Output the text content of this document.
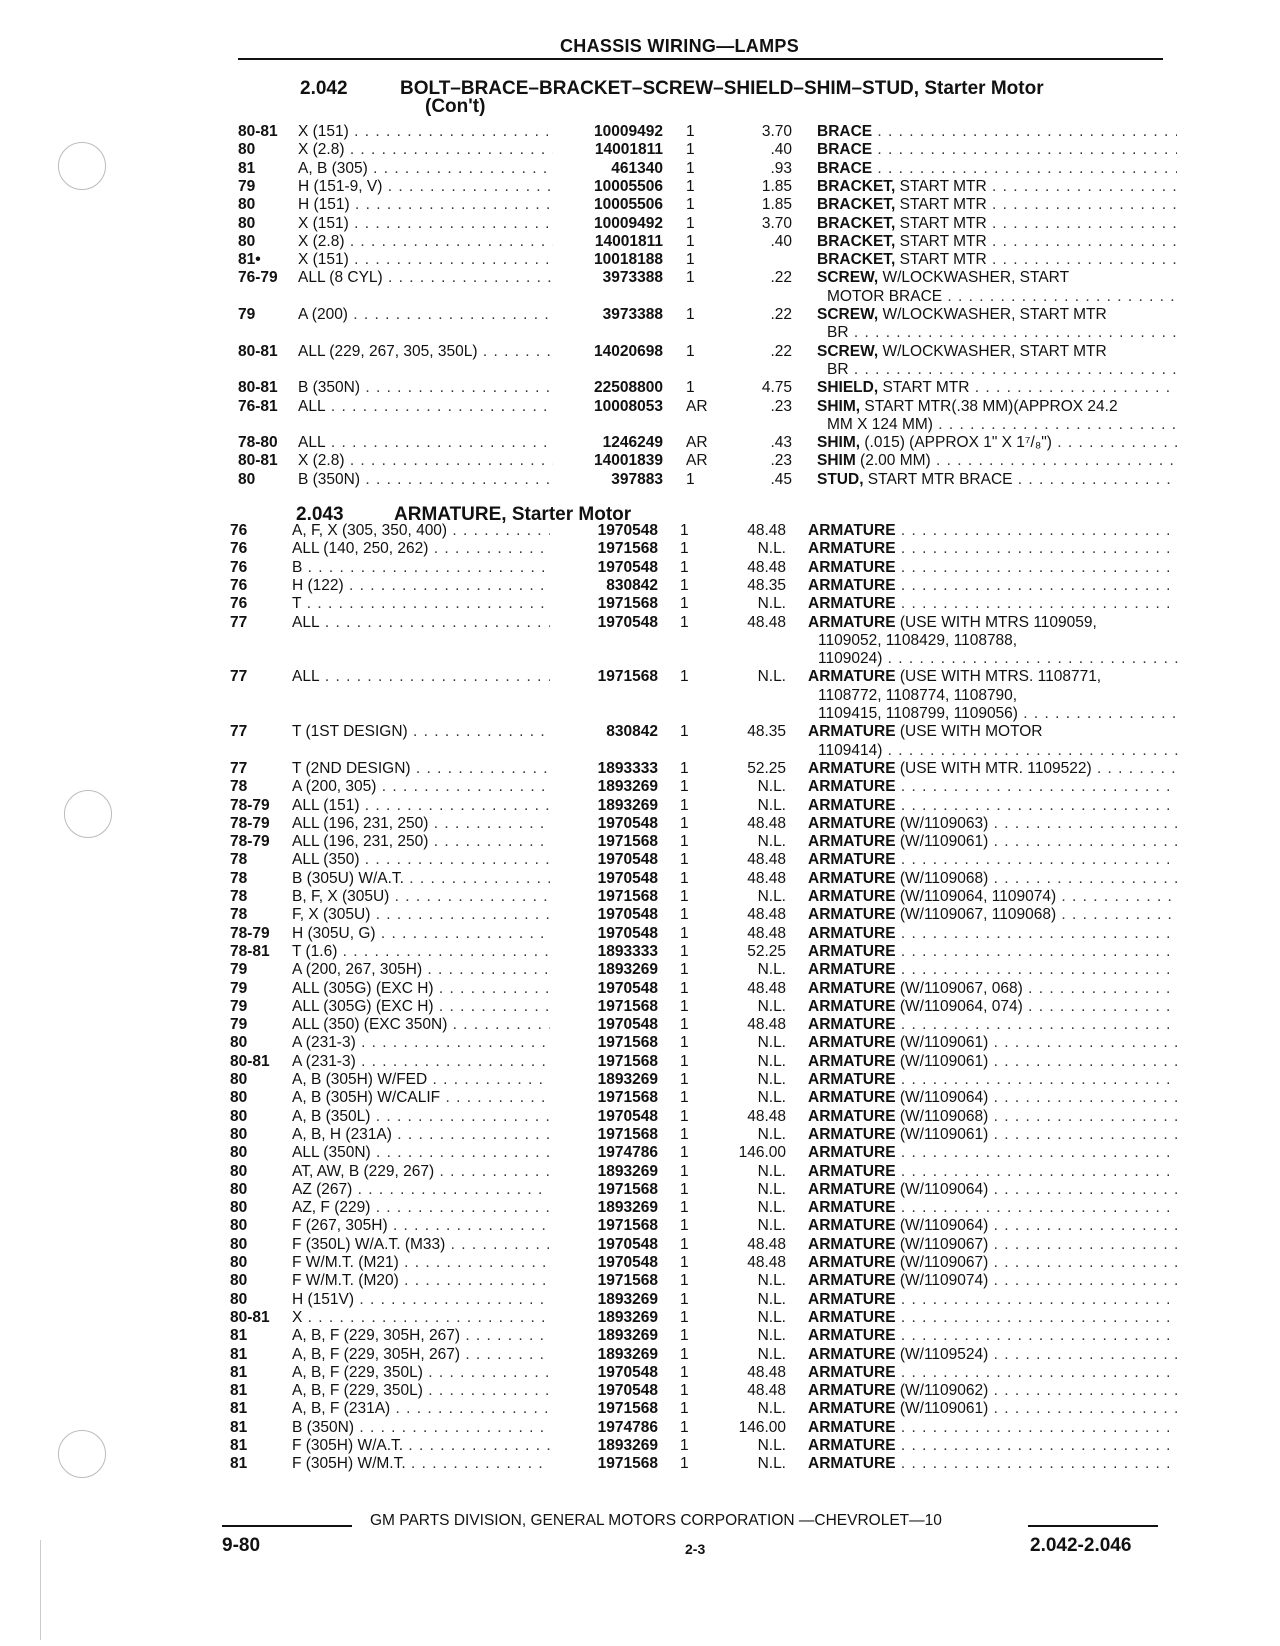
CHASSIS WIRING—LAMPS
2.042	BOLT–BRACE–BRACKET–SCREW–SHIELD–SHIM–STUD, Starter Motor
(Con't)
2.043	ARMATURE, Starter Motor
80-81	X (151) . . .	10009492 1	3.70 BRACE . . .
80	X (2.8) . . .	14001811 1	.40 BRACE . . .
81	A, B (305) . . .	461340 1	.93 BRACE . . .
79	H (151-9, V) . . .	10005506 1	1.85 BRACKET, START MTR . . .
80	H (151) . . .	10005506 1	1.85 BRACKET, START MTR . . .
80	X (151) . . .	10009492 1	3.70 BRACKET, START MTR . . .
80	X (2.8) . . .	14001811 1	.40 BRACKET, START MTR . . .
81•	X (151) . . .	10018188 1	BRACKET, START MTR . . .
76-79	ALL (8 CYL) . . .	3973388 1	.22 SCREW, W/LOCKWASHER, START
MOTOR BRACE . . .
79	A (200) . . .	3973388 1	.22 SCREW, W/LOCKWASHER, START MTR
BR . . .
80-81	ALL (229, 267, 305, 350L) . . .	14020698 1	.22 SCREW, W/LOCKWASHER, START MTR
BR . . .
80-81	B (350N) . . .	22508800 1	4.75 SHIELD, START MTR . . .
76-81	ALL . . .	10008053 AR	.23 SHIM, START MTR(.38 MM)(APPROX 24.2
MM X 124 MM) . . .
78-80	ALL . . .	1246249 AR	.43 SHIM, (.015) (APPROX 1" X 1⁷/₈") . . .
80-81	X (2.8) . . .	14001839 AR	.23 SHIM (2.00 MM) . . .
80	B (350N) . . .	397883 1	.45 STUD, START MTR BRACE . . .
76	A, F, X (305, 350, 400) . . .	1970548 1	48.48 ARMATURE . . .
76	ALL (140, 250, 262) . . .	1971568 1	N.L. ARMATURE . . .
76	B . . .	1970548 1	48.48 ARMATURE . . .
76	H (122) . . .	830842 1	48.35 ARMATURE . . .
76	T . . .	1971568 1	N.L. ARMATURE . . .
77	ALL . . .	1970548 1	48.48 ARMATURE (USE WITH MTRS 1109059,
1109052, 1108429, 1108788,
1109024) . . .
77	ALL . . .	1971568 1	N.L. ARMATURE (USE WITH MTRS. 1108771,
1108772, 1108774, 1108790,
1109415, 1108799, 1109056) . . .
77	T (1ST DESIGN) . . .	830842 1	48.35 ARMATURE (USE WITH MOTOR
1109414) . . .
77	T (2ND DESIGN) . . .	1893333 1	52.25 ARMATURE (USE WITH MTR. 1109522) . . .
78	A (200, 305) . . .	1893269 1	N.L. ARMATURE . . .
78-79	ALL (151) . . .	1893269 1	N.L. ARMATURE . . .
78-79	ALL (196, 231, 250) . . .	1970548 1	48.48 ARMATURE (W/1109063) . . .
78-79	ALL (196, 231, 250) . . .	1971568 1	N.L. ARMATURE (W/1109061) . . .
78	ALL (350) . . .	1970548 1	48.48 ARMATURE . . .
78	B (305U) W/A.T. . . .	1970548 1	48.48 ARMATURE (W/1109068) . . .
78	B, F, X (305U) . . .	1971568 1	N.L. ARMATURE (W/1109064, 1109074) . . .
78	F, X (305U) . . .	1970548 1	48.48 ARMATURE (W/1109067, 1109068) . . .
78-79	H (305U, G) . . .	1970548 1	48.48 ARMATURE . . .
78-81	T (1.6) . . .	1893333 1	52.25 ARMATURE . . .
79	A (200, 267, 305H) . . .	1893269 1	N.L. ARMATURE . . .
79	ALL (305G) (EXC H) . . .	1970548 1	48.48 ARMATURE (W/1109067, 068) . . .
79	ALL (305G) (EXC H) . . .	1971568 1	N.L. ARMATURE (W/1109064, 074) . . .
79	ALL (350) (EXC 350N) . . .	1970548 1	48.48 ARMATURE . . .
80	A (231-3) . . .	1971568 1	N.L. ARMATURE (W/1109061) . . .
80-81	A (231-3) . . .	1971568 1	N.L. ARMATURE (W/1109061) . . .
80	A, B (305H) W/FED . . .	1893269 1	N.L. ARMATURE . . .
80	A, B (305H) W/CALIF . . .	1971568 1	N.L. ARMATURE (W/1109064) . . .
80	A, B (350L) . . .	1970548 1	48.48 ARMATURE (W/1109068) . . .
80	A, B, H (231A) . . .	1971568 1	N.L. ARMATURE (W/1109061) . . .
80	ALL (350N) . . .	1974786 1	146.00 ARMATURE . . .
80	AT, AW, B (229, 267) . . .	1893269 1	N.L. ARMATURE . . .
80	AZ (267) . . .	1971568 1	N.L. ARMATURE (W/1109064) . . .
80	AZ, F (229) . . .	1893269 1	N.L. ARMATURE . . .
80	F (267, 305H) . . .	1971568 1	N.L. ARMATURE (W/1109064) . . .
80	F (350L) W/A.T. (M33) . . .	1970548 1	48.48 ARMATURE (W/1109067) . . .
80	F W/M.T. (M21) . . .	1970548 1	48.48 ARMATURE (W/1109067) . . .
80	F W/M.T. (M20) . . .	1971568 1	N.L. ARMATURE (W/1109074) . . .
80	H (151V) . . .	1893269 1	N.L. ARMATURE . . .
80-81	X . . .	1893269 1	N.L. ARMATURE . . .
81	A, B, F (229, 305H, 267) . . .	1893269 1	N.L. ARMATURE . . .
81	A, B, F (229, 305H, 267) . . .	1893269 1	N.L. ARMATURE (W/1109524) . . .
81	A, B, F (229, 350L) . . .	1970548 1	48.48 ARMATURE . . .
81	A, B, F (229, 350L) . . .	1970548 1	48.48 ARMATURE (W/1109062) . . .
81	A, B, F (231A) . . .	1971568 1	N.L. ARMATURE (W/1109061) . . .
81	B (350N) . . .	1974786 1	146.00 ARMATURE . . .
81	F (305H) W/A.T. . . .	1893269 1	N.L. ARMATURE . . .
81	F (305H) W/M.T. . . .	1971568 1	N.L. ARMATURE . . .
GM PARTS DIVISION, GENERAL MOTORS CORPORATION —CHEVROLET—10
9-80	2-3	2.042-2.046
